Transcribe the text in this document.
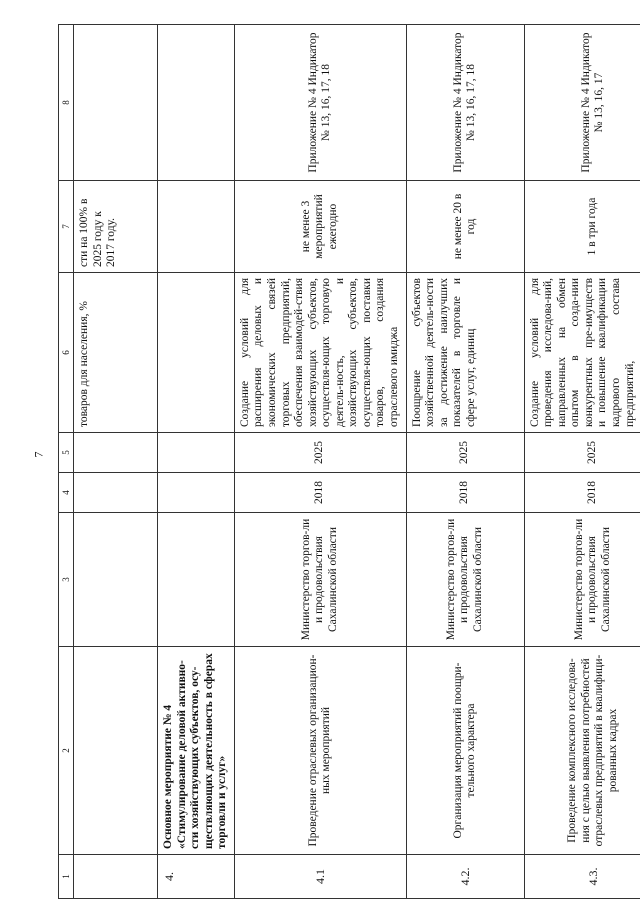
7
1	2	3	4	5	6	7	8
					товаров для населения, %	сти на 100% в 2025 году к 2017 году.	
4.	Основное мероприятие № 4 «Стимулирование деловой активно-сти хозяйствующих субъектов, осу-ществляющих деятельность в сферах торговли и услуг»						
4.1	Проведение отраслевых организацион-ных мероприятий	Министерство торгов-ли и продовольствия Сахалинской области	2018	2025	Создание условий для расширения деловых и экономических связей торговых предприятий, обеспечения взаимодей-ствия хозяйствующих субъектов, осуществля-ющих торговую деятель-ность, и хозяйствующих субъектов, осуществля-ющих поставки товаров, создания отраслевого имиджа	не менее 3 мероприятий ежегодно	Приложение № 4 Индикатор № 13, 16, 17, 18
4.2.	Организация мероприятий поощри-тельного характера	Министерство торгов-ли и продовольствия Сахалинской области	2018	2025	Поощрение субъектов хозяйственной деятель-ности за достижение наилучших показателей в торговле и сфере услуг, единиц	не менее 20 в год	Приложение № 4 Индикатор № 13, 16, 17, 18
4.3.	Проведение комплексного исследова-ния с целью выявления потребностей отраслевых предприятий в квалифици-рованных кадрах	Министерство торгов-ли и продовольствия Сахалинской области	2018	2025	Создание условий для проведения исследова-ний, направленных на обмен опытом в созда-нии конкурентных пре-имуществ и повышение квалификации кадрового состава предприятий,	1 в три года	Приложение № 4 Индикатор № 13, 16, 17
